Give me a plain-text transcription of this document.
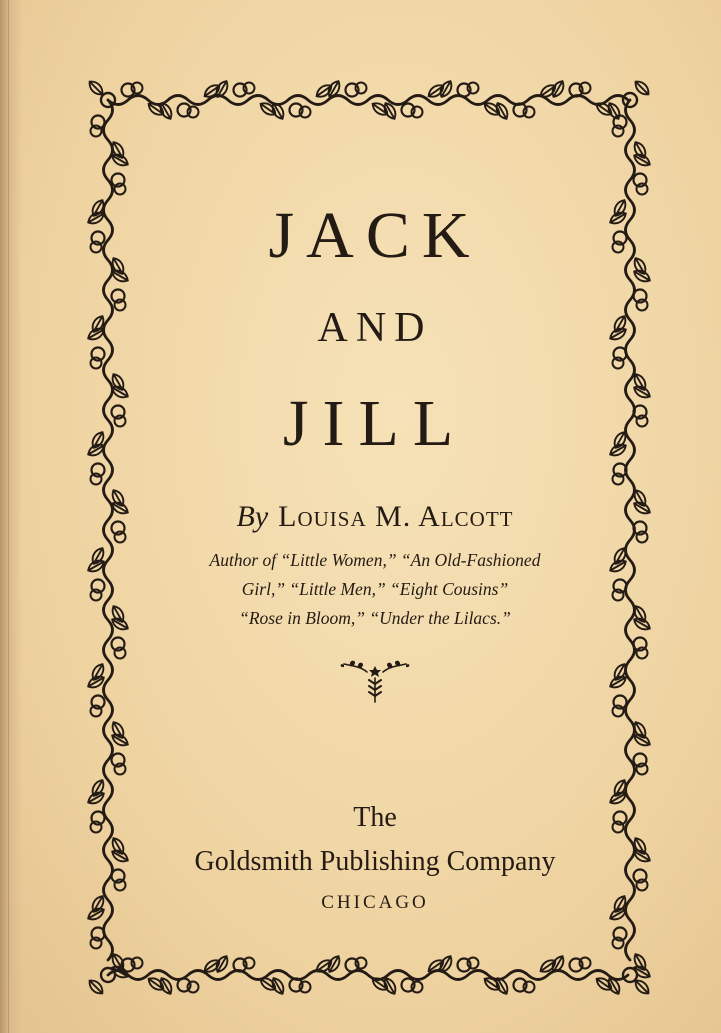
JACK
AND
JILL
By Louisa M. Alcott
Author of “Little Women,” “An Old-Fashioned
Girl,” “Little Men,” “Eight Cousins”
“Rose in Bloom,” “Under the Lilacs.”
The
Goldsmith Publishing Company
CHICAGO
